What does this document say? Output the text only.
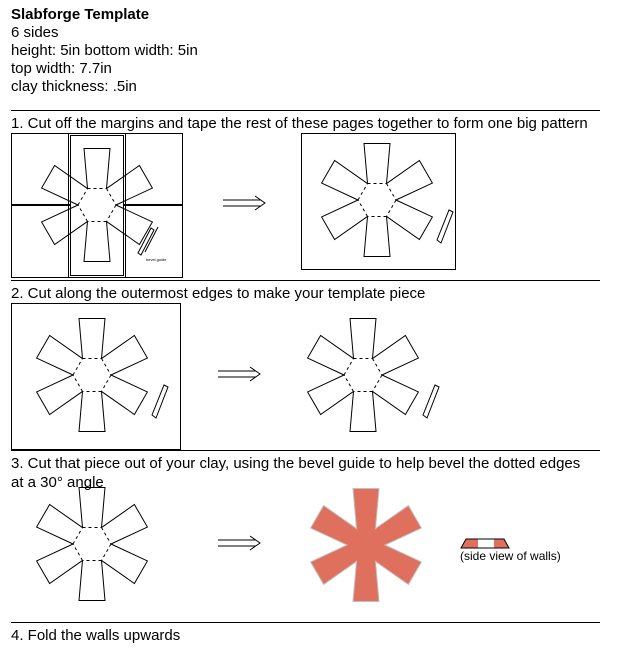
Slabforge Template
6 sides
height: 5in bottom width: 5in
top width: 7.7in
clay thickness: .5in
1. Cut off the margins and tape the rest of these pages together to form one big pattern
bevel guide
2. Cut along the outermost edges to make your template piece
3. Cut that piece out of your clay, using the bevel guide to help bevel the dotted edges
at a 30° angle
(side view of walls)
4. Fold the walls upwards
